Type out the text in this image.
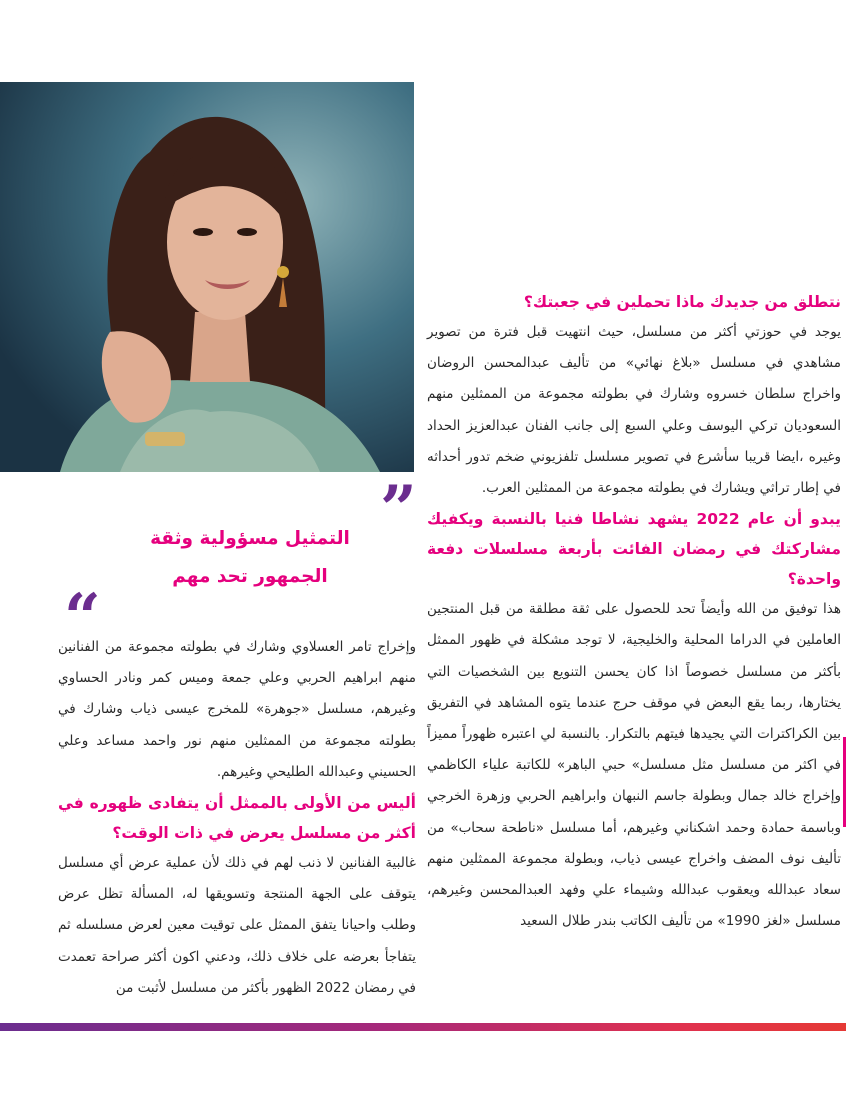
”
التمثيل مسؤولية وثقة
الجمهور تحد مهم
“

نتطلق من جديدك ماذا تحملين في جعبتك؟

يوجد في حوزتي أكثر من مسلسل، حيث انتهيت قبل فترة من تصوير مشاهدي في مسلسل «بلاغ نهائي» من تأليف عبدالمحسن الروضان واخراج سلطان خسروه وشارك في بطولته مجموعة من الممثلين منهم السعوديان تركي اليوسف وعلي السبع إلى جانب الفنان عبدالعزيز الحداد وغيره ،ايضا قريبا سأشرع في تصوير مسلسل تلفزيوني ضخم تدور أحداثه في إطار تراثي ويشارك في بطولته مجموعة من الممثلين العرب.

يبدو أن عام 2022 يشهد نشاطا فنيا بالنسبة ويكفيك مشاركتك في رمضان الفائت بأربعة مسلسلات دفعة واحدة؟

هذا توفيق من الله وأيضاً تحد للحصول على ثقة مطلقة من قبل المنتجين العاملين في الدراما المحلية والخليجية، لا توجد مشكلة في ظهور الممثل بأكثر من مسلسل خصوصاً اذا كان يحسن التنويع بين الشخصيات التي يختارها، ربما يقع البعض في موقف حرج عندما يتوه المشاهد في التفريق بين الكراكترات التي يجيدها فيتهم بالتكرار. بالنسبة لي اعتبره ظهوراً مميزاً في اكثر من مسلسل مثل مسلسل» حبي الباهر» للكاتبة علياء الكاظمي وإخراج خالد جمال وبطولة جاسم النبهان وابراهيم الحربي وزهرة الخرجي وباسمة حمادة وحمد اشكناني وغيرهم، أما مسلسل «ناطحة سحاب» من تأليف نوف المضف واخراج عيسى ذياب، وبطولة مجموعة الممثلين منهم سعاد عبدالله ويعقوب عبدالله وشيماء علي وفهد العبدالمحسن وغيرهم، مسلسل «لغز 1990» من تأليف الكاتب بندر طلال السعيد

وإخراج تامر العسلاوي وشارك في بطولته مجموعة من الفنانين منهم ابراهيم الحربي وعلي جمعة وميس كمر ونادر الحساوي وغيرهم، مسلسل «جوهرة» للمخرج عيسى ذياب وشارك في بطولته مجموعة من الممثلين منهم نور واحمد مساعد وعلي الحسيني وعبدالله الطليحي وغيرهم.

أليس من الأولى بالممثل أن يتفادى ظهوره في أكثر من مسلسل يعرض في ذات الوقت؟

غالبية الفنانين لا ذنب لهم في ذلك لأن عملية عرض أي مسلسل يتوقف على الجهة المنتجة وتسويقها له، المسألة تظل عرض وطلب واحيانا يتفق الممثل على توقيت معين لعرض مسلسله ثم يتفاجأ بعرضه على خلاف ذلك، ودعني اكون أكثر صراحة تعمدت في رمضان 2022 الظهور بأكثر من مسلسل لأثبت من
